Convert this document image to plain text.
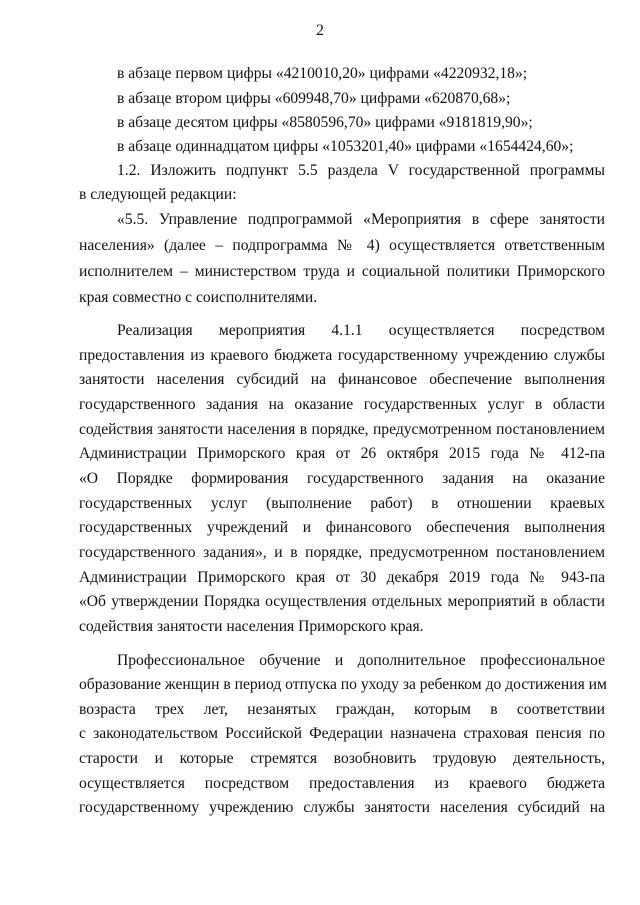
2
в абзаце первом цифры «4210010,20» цифрами «4220932,18»;
в абзаце втором цифры «609948,70» цифрами «620870,68»;
в абзаце десятом цифры «8580596,70» цифрами «9181819,90»;
в абзаце одиннадцатом цифры «1053201,40» цифрами «1654424,60»;
1.2. Изложить подпункт 5.5 раздела V государственной программы
в следующей редакции:
«5.5. Управление подпрограммой «Мероприятия в сфере занятости
населения» (далее – подпрограмма № 4) осуществляется ответственным
исполнителем – министерством труда и социальной политики Приморского
края совместно с соисполнителями.
Реализация мероприятия 4.1.1 осуществляется посредством
предоставления из краевого бюджета государственному учреждению службы
занятости населения субсидий на финансовое обеспечение выполнения
государственного задания на оказание государственных услуг в области
содействия занятости населения в порядке, предусмотренном постановлением
Администрации Приморского края от 26 октября 2015 года № 412-па
«О Порядке формирования государственного задания на оказание
государственных услуг (выполнение работ) в отношении краевых
государственных учреждений и финансового обеспечения выполнения
государственного задания», и в порядке, предусмотренном постановлением
Администрации Приморского края от 30 декабря 2019 года № 943-па
«Об утверждении Порядка осуществления отдельных мероприятий в области
содействия занятости населения Приморского края.
Профессиональное обучение и дополнительное профессиональное
образование женщин в период отпуска по уходу за ребенком до достижения им
возраста трех лет, незанятых граждан, которым в соответствии
с законодательством Российской Федерации назначена страховая пенсия по
старости и которые стремятся возобновить трудовую деятельность,
осуществляется посредством предоставления из краевого бюджета
государственному учреждению службы занятости населения субсидий на
